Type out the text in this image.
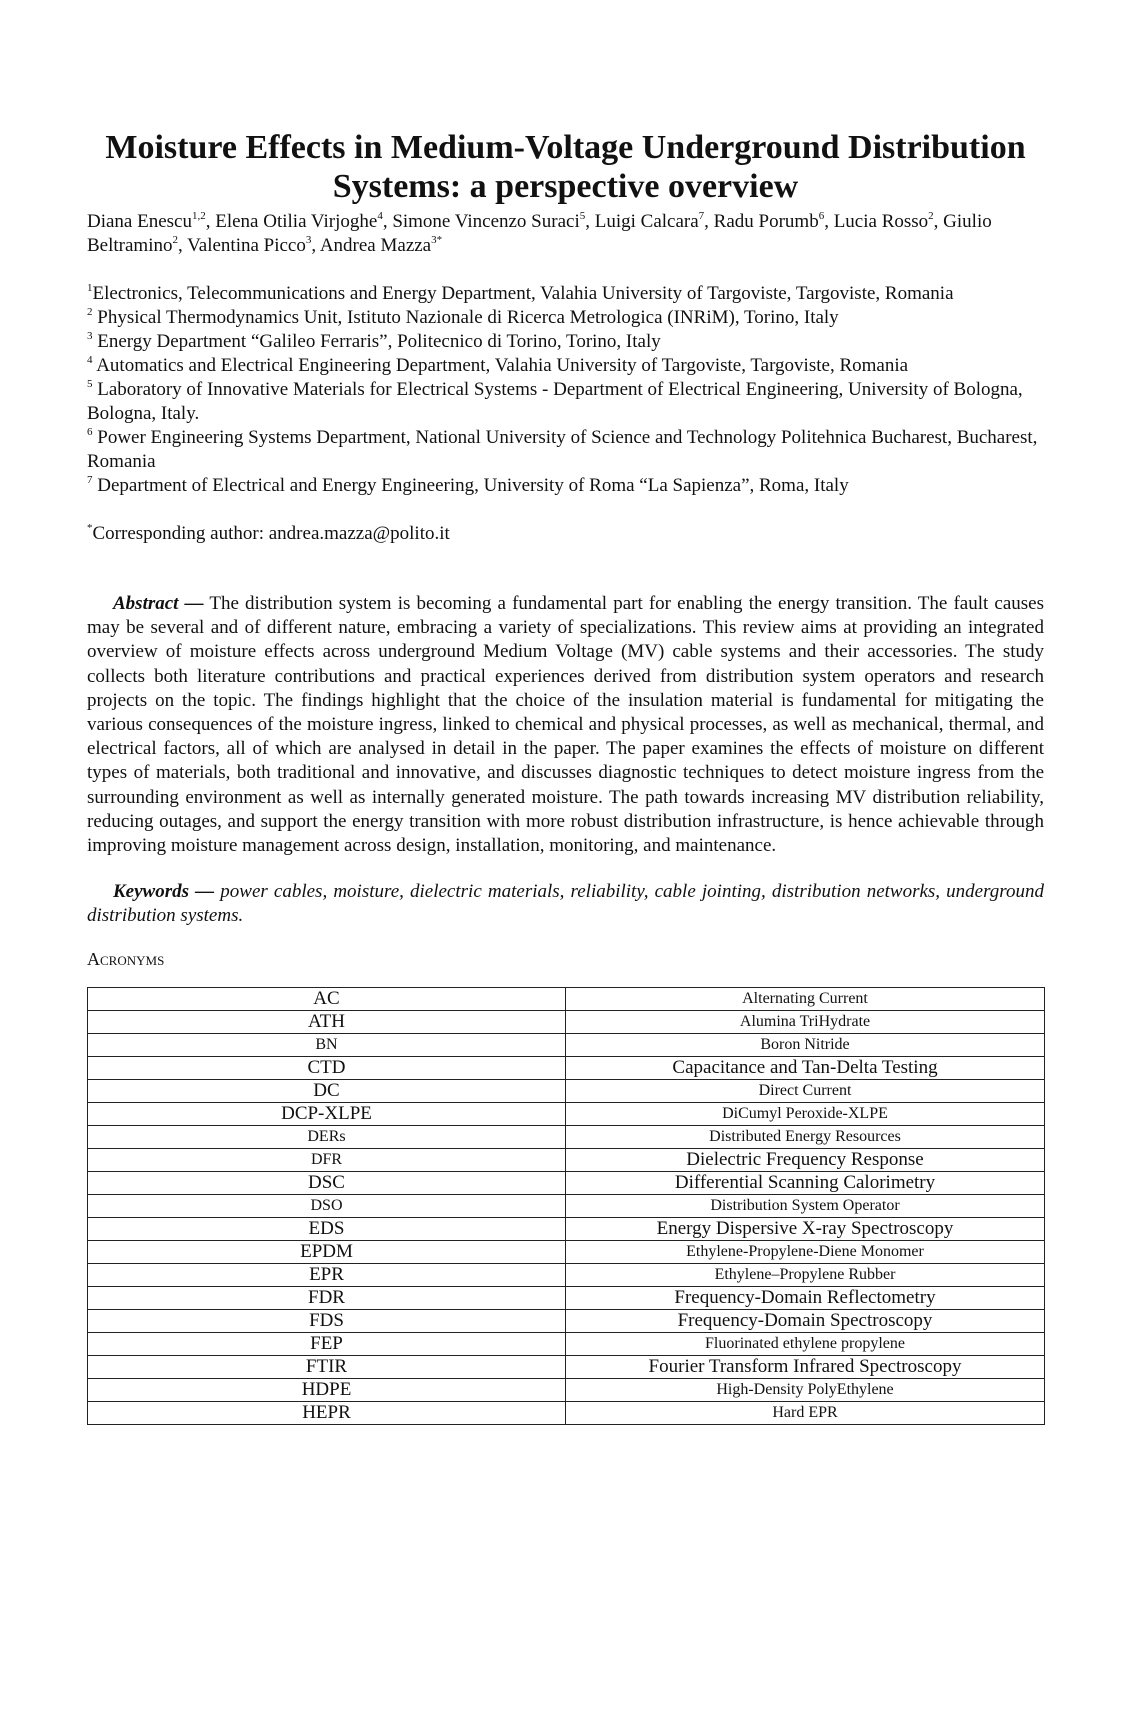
Moisture Effects in Medium-Voltage Underground Distribution
Systems: a perspective overview
Diana Enescu$^{1,2}$, Elena Otilia Virjoghe$^4$, Simone Vincenzo Suraci$^5$, Luigi Calcara$^7$, Radu Porumb$^6$, Lucia Rosso$^2$, Giulio Beltramino$^2$, Valentina Picco$^3$, Andrea Mazza$^{3*}$
$^1$Electronics, Telecommunications and Energy Department, Valahia University of Targoviste, Targoviste, Romania
$^2$ Physical Thermodynamics Unit, Istituto Nazionale di Ricerca Metrologica (INRiM), Torino, Italy
$^3$ Energy Department “Galileo Ferraris”, Politecnico di Torino, Torino, Italy
$^4$ Automatics and Electrical Engineering Department, Valahia University of Targoviste, Targoviste, Romania
$^5$ Laboratory of Innovative Materials for Electrical Systems - Department of Electrical Engineering, University of Bologna, Bologna, Italy.
$^6$ Power Engineering Systems Department, National University of Science and Technology Politehnica Bucharest, Bucharest, Romania
$^7$ Department of Electrical and Energy Engineering, University of Roma “La Sapienza”, Roma, Italy
*Corresponding author: andrea.mazza@polito.it

Abstract — The distribution system is becoming a fundamental part for enabling the energy transition. The fault causes may be several and of different nature, embracing a variety of specializations. This review aims at providing an integrated overview of moisture effects across underground Medium Voltage (MV) cable systems and their accessories. The study collects both literature contributions and practical experiences derived from distribution system operators and research projects on the topic. The findings highlight that the choice of the insulation material is fundamental for mitigating the various consequences of the moisture ingress, linked to chemical and physical processes, as well as mechanical, thermal, and electrical factors, all of which are analysed in detail in the paper. The paper examines the effects of moisture on different types of materials, both traditional and innovative, and discusses diagnostic techniques to detect moisture ingress from the surrounding environment as well as internally generated moisture. The path towards increasing MV distribution reliability, reducing outages, and support the energy transition with more robust distribution infrastructure, is hence achievable through improving moisture management across design, installation, monitoring, and maintenance.

Keywords — power cables, moisture, dielectric materials, reliability, cable jointing, distribution networks, underground distribution systems.

Acronyms
AC	Alternating Current
ATH	Alumina TriHydrate
BN	Boron Nitride
CTD	Capacitance and Tan-Delta Testing
DC	Direct Current
DCP-XLPE	DiCumyl Peroxide-XLPE
DERs	Distributed Energy Resources
DFR	Dielectric Frequency Response
DSC	Differential Scanning Calorimetry
DSO	Distribution System Operator
EDS	Energy Dispersive X-ray Spectroscopy
EPDM	Ethylene-Propylene-Diene Monomer
EPR	Ethylene–Propylene Rubber
FDR	Frequency-Domain Reflectometry
FDS	Frequency-Domain Spectroscopy
FEP	Fluorinated ethylene propylene
FTIR	Fourier Transform Infrared Spectroscopy
HDPE	High-Density PolyEthylene
HEPR	Hard EPR
